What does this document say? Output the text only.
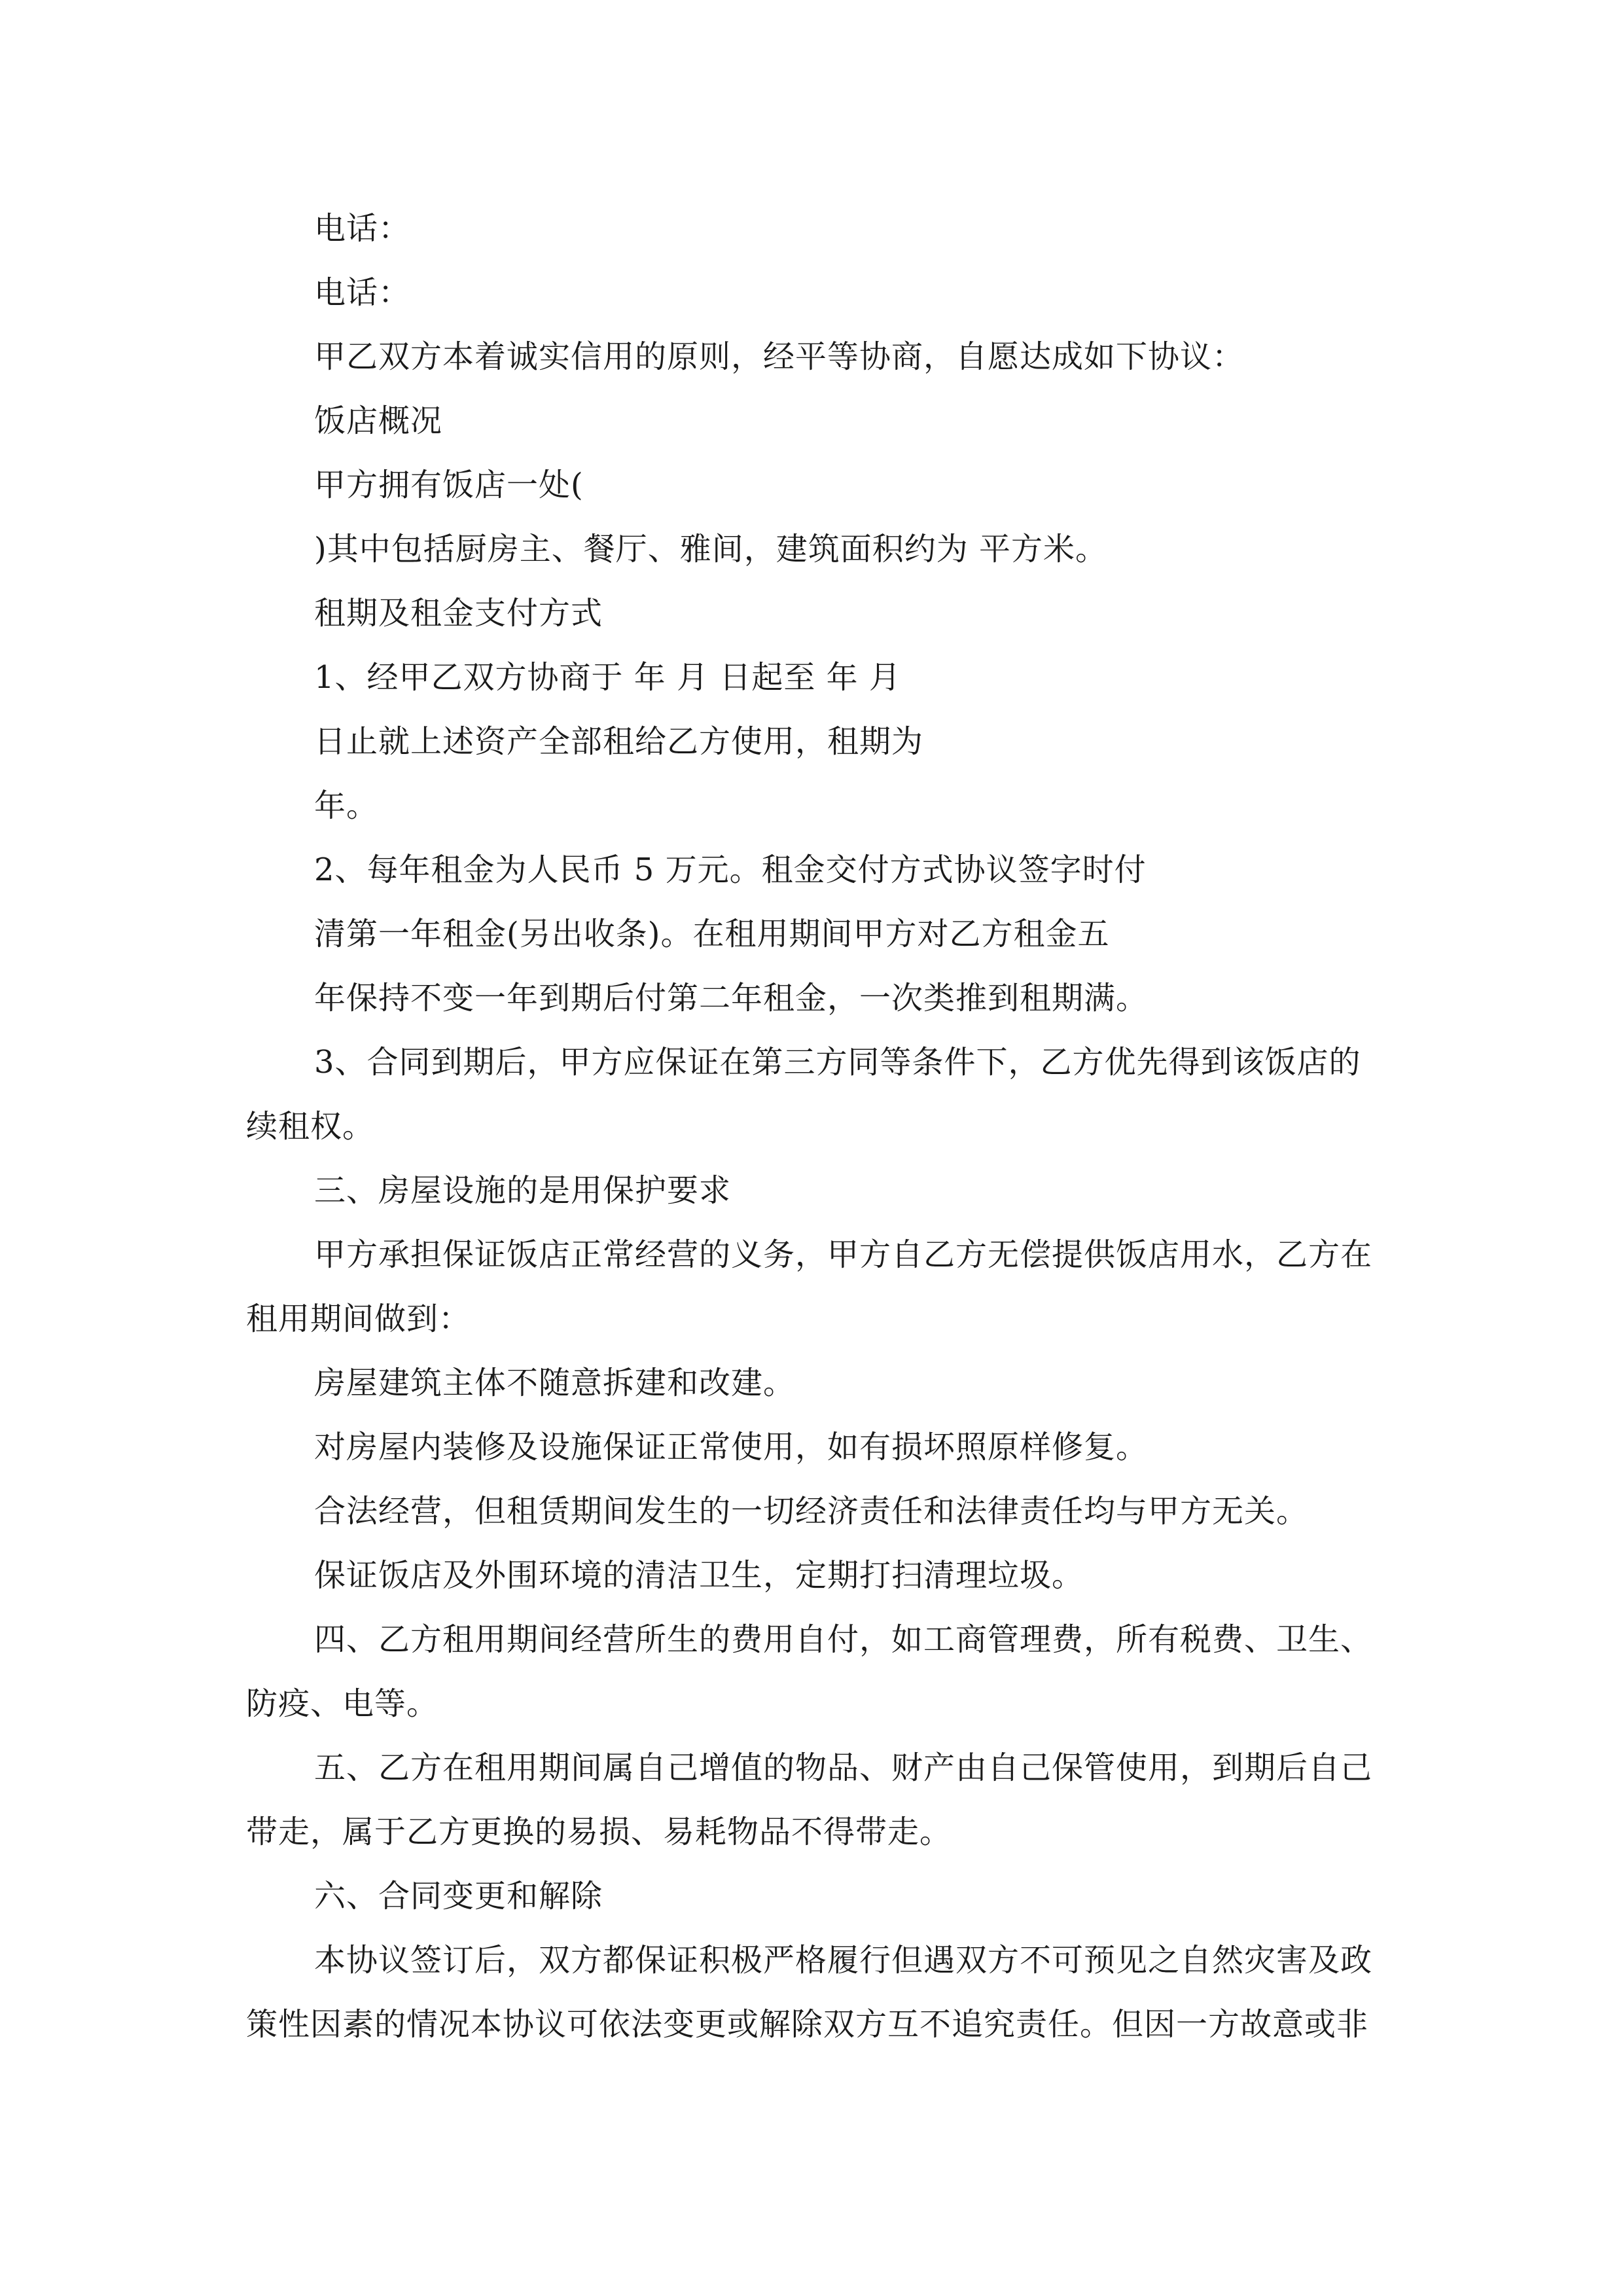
电话：
电话：
甲乙双方本着诚实信用的原则，经平等协商，自愿达成如下协议：
饭店概况
甲方拥有饭店一处(
)其中包括厨房主、餐厅、雅间，建筑面积约为 平方米。
租期及租金支付方式
1、经甲乙双方协商于 年 月 日起至 年 月
日止就上述资产全部租给乙方使用，租期为
年。
2、每年租金为人民币 5 万元。租金交付方式协议签字时付
清第一年租金(另出收条)。在租用期间甲方对乙方租金五
年保持不变一年到期后付第二年租金，一次类推到租期满。
3、合同到期后，甲方应保证在第三方同等条件下，乙方优先得到该饭店的
续租权。
三、房屋设施的是用保护要求
甲方承担保证饭店正常经营的义务，甲方自乙方无偿提供饭店用水，乙方在
租用期间做到：
房屋建筑主体不随意拆建和改建。
对房屋内装修及设施保证正常使用，如有损坏照原样修复。
合法经营，但租赁期间发生的一切经济责任和法律责任均与甲方无关。
保证饭店及外围环境的清洁卫生，定期打扫清理垃圾。
四、乙方租用期间经营所生的费用自付，如工商管理费，所有税费、卫生、
防疫、电等。
五、乙方在租用期间属自己增值的物品、财产由自己保管使用，到期后自己
带走，属于乙方更换的易损、易耗物品不得带走。
六、合同变更和解除
本协议签订后，双方都保证积极严格履行但遇双方不可预见之自然灾害及政
策性因素的情况本协议可依法变更或解除双方互不追究责任。但因一方故意或非
